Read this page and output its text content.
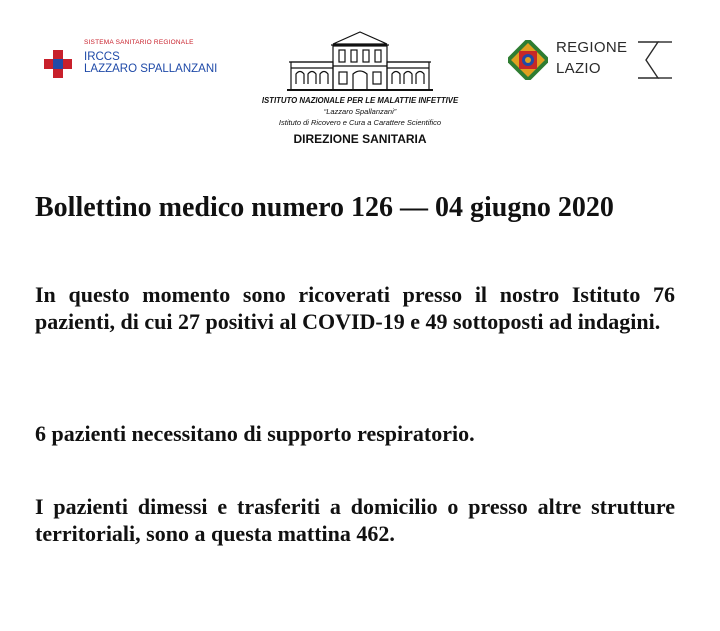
SISTEMA SANITARIO REGIONALE
IRCCS
LAZZARO SPALLANZANI
ISTITUTO NAZIONALE PER LE MALATTIE INFETTIVE
“Lazzaro Spallanzani”
Istituto di Ricovero e Cura a Carattere Scientifico
DIREZIONE SANITARIA
REGIONE
LAZIO
Bollettino medico numero 126 — 04 giugno 2020
In questo momento sono ricoverati presso il nostro Istituto 76 pazienti, di cui 27 positivi al COVID-19 e 49 sottoposti ad indagini.
6 pazienti necessitano di supporto respiratorio.
I pazienti dimessi e trasferiti a domicilio o presso altre strutture territoriali, sono a questa mattina 462.
